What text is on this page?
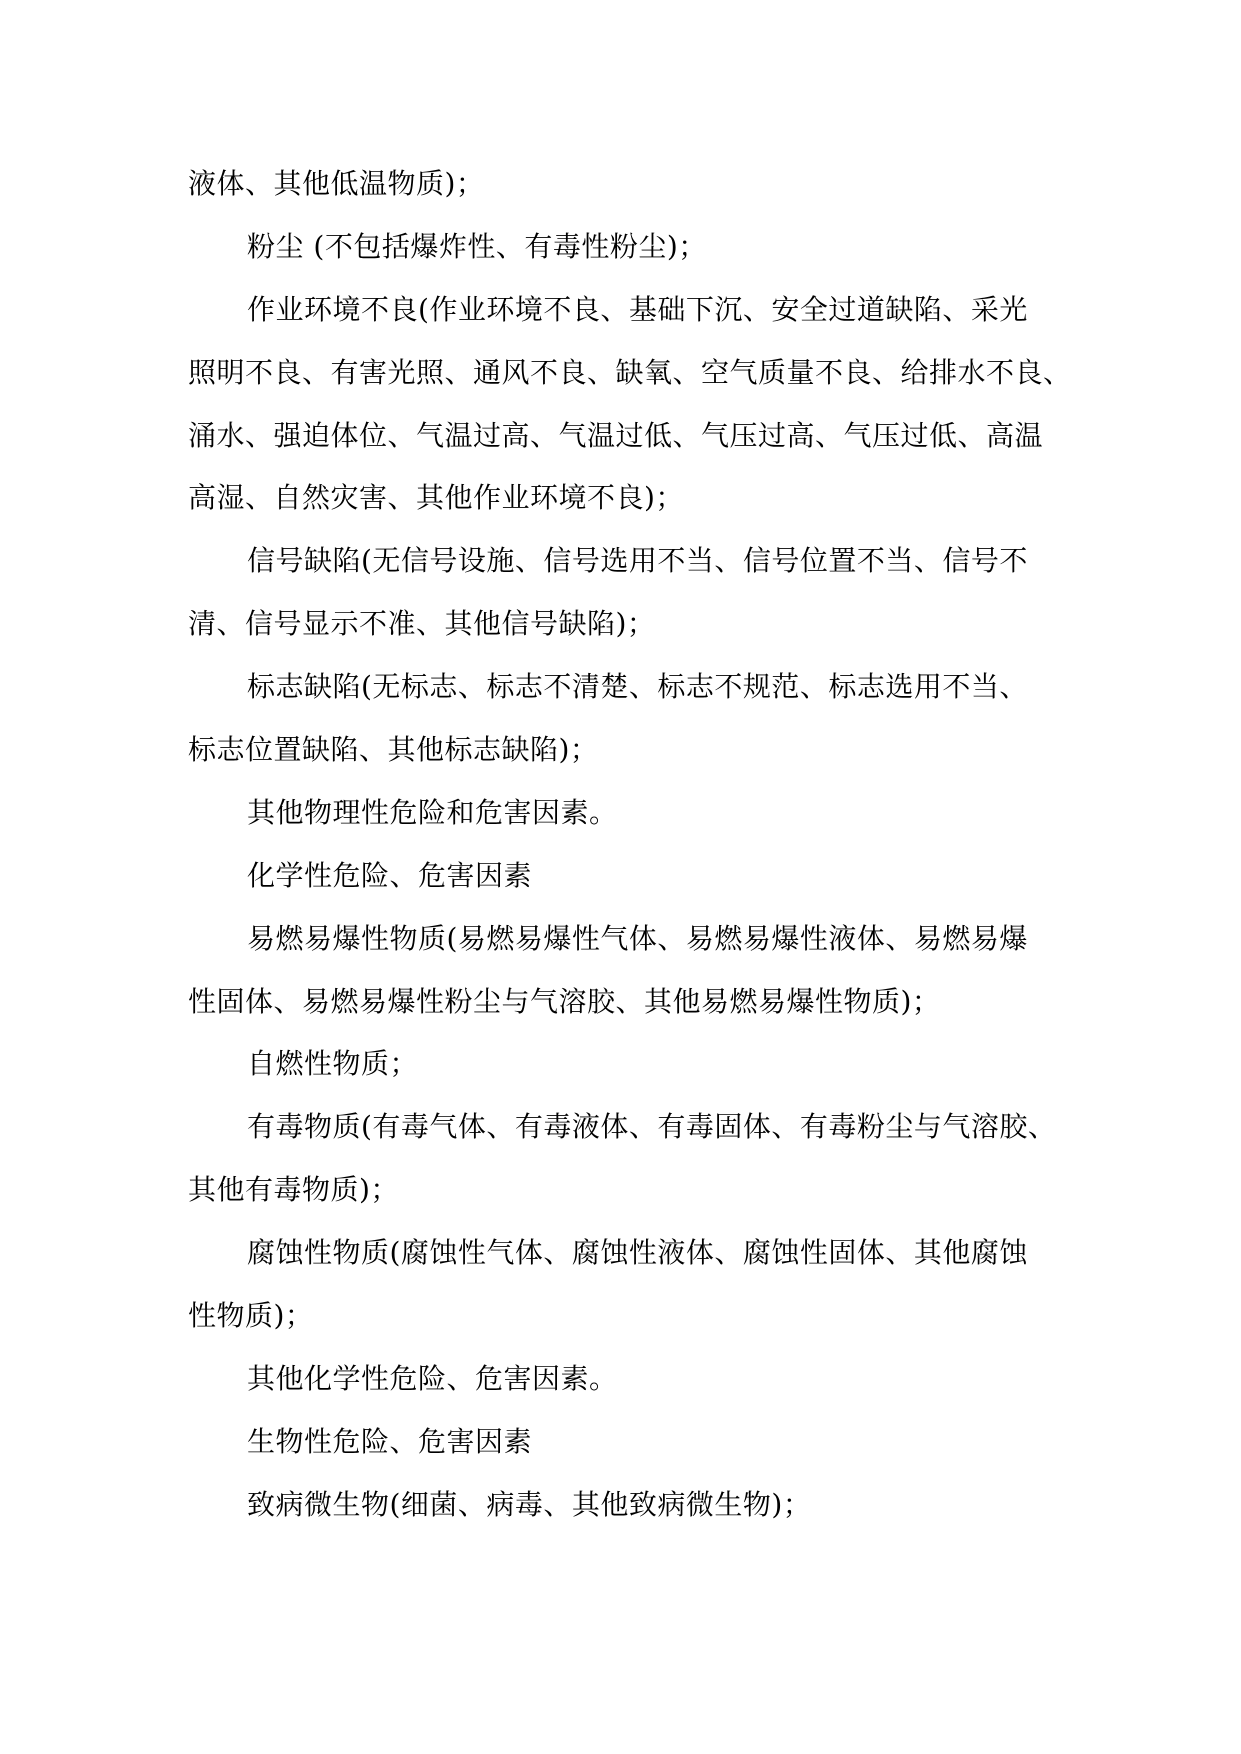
液体、其他低温物质)；
粉尘 (不包括爆炸性、有毒性粉尘)；
作业环境不良(作业环境不良、基础下沉、安全过道缺陷、采光
照明不良、有害光照、通风不良、缺氧、空气质量不良、给排水不良、
涌水、强迫体位、气温过高、气温过低、气压过高、气压过低、高温
高湿、自然灾害、其他作业环境不良)；
信号缺陷(无信号设施、信号选用不当、信号位置不当、信号不
清、信号显示不准、其他信号缺陷)；
标志缺陷(无标志、标志不清楚、标志不规范、标志选用不当、
标志位置缺陷、其他标志缺陷)；
其他物理性危险和危害因素。
化学性危险、危害因素
易燃易爆性物质(易燃易爆性气体、易燃易爆性液体、易燃易爆
性固体、易燃易爆性粉尘与气溶胶、其他易燃易爆性物质)；
自燃性物质；
有毒物质(有毒气体、有毒液体、有毒固体、有毒粉尘与气溶胶、
其他有毒物质)；
腐蚀性物质(腐蚀性气体、腐蚀性液体、腐蚀性固体、其他腐蚀
性物质)；
其他化学性危险、危害因素。
生物性危险、危害因素
致病微生物(细菌、病毒、其他致病微生物)；
